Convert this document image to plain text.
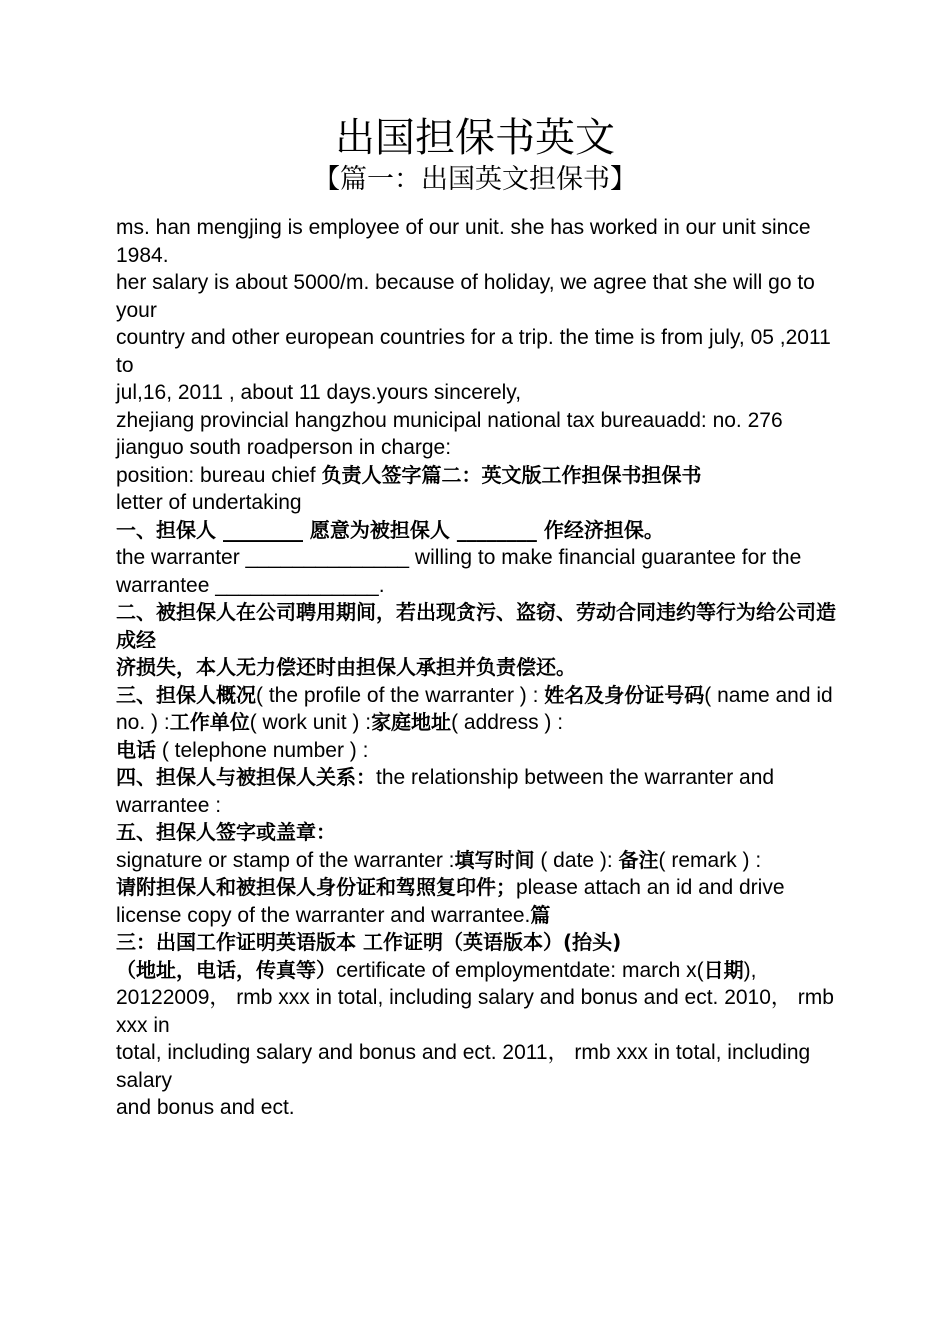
出国担保书英文
【篇一：出国英文担保书】

ms. han mengjing is employee of our unit. she has worked in our unit since 1984.

her salary is about 5000/m. because of holiday, we agree that she will go to your

country and other european countries for a trip. the time is from july, 05 ,2011 to

jul,16, 2011 , about 11 days.yours sincerely,

zhejiang provincial hangzhou municipal national tax bureauadd: no. 276 jianguo south roadperson in charge:

position: bureau chief 负责人签字篇二：英文版工作担保书担保书

letter of undertaking

一、担保人 ________ 愿意为被担保人 ________ 作经济担保。

the warranter ______________ willing to make financial guarantee for the

warrantee ______________.

二、被担保人在公司聘用期间，若出现贪污、盗窃、劳动合同违约等行为给公司造成经

济损失，本人无力偿还时由担保人承担并负责偿还。

三、担保人概况( the profile of the warranter ) : 姓名及身份证号码( name and id no. ) :工作单位( work unit ) :家庭地址( address ) :

电话 ( telephone number ) :

四、担保人与被担保人关系：the relationship between the warranter and warrantee :

五、担保人签字或盖章：

signature or stamp of the warranter :填写时间 ( date ): 备注( remark ) :

请附担保人和被担保人身份证和驾照复印件；please attach an id and drive license copy of the warranter and warrantee.篇

三：出国工作证明英语版本 工作证明（英语版本）(抬头)
（地址，电话，传真等）certificate of employmentdate: march x(日期), 20122009， rmb xxx in total, including salary and bonus and ect. 2010， rmb xxx in

total, including salary and bonus and ect. 2011， rmb xxx in total, including salary

and bonus and ect.
